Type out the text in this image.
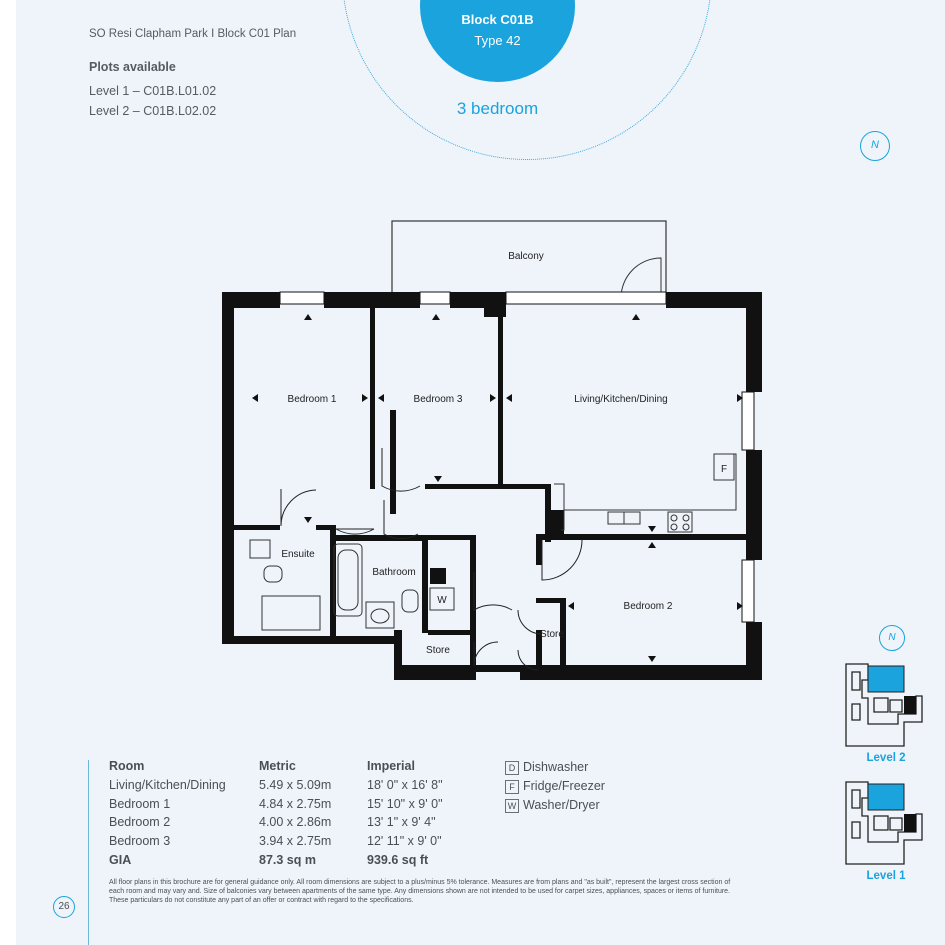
Block C01B
Type 42
3 bedroom
SO Resi Clapham Park I Block C01 Plan
Plots available
Level 1 – C01B.L01.02
Level 2 – C01B.L02.02
N
Balcony
F
W
Bedroom 1	Bedroom 3	Living/Kitchen/Dining
Bedroom 2
Ensuite
Bathroom
Store
Store	N
Level 2
Level 1
Room	Metric	Imperial
Living/Kitchen/Dining	5.49 x 5.09m	18' 0" x 16' 8"
Bedroom 1	4.84 x 2.75m	15' 10" x 9' 0"
Bedroom 2	4.00 x 2.86m	13' 1" x 9' 4"
Bedroom 3	3.94 x 2.75m	12' 11" x 9' 0"
GIA	87.3 sq m	939.6 sq ft
D Dishwasher
F Fridge/Freezer
W Washer/Dryer
All floor plans in this brochure are for general guidance only. All room dimensions are subject to a plus/minus 5% tolerance. Measures are from plans and "as built", represent the largest cross section of each room and may vary and. Size of balconies vary between apartments of the same type. Any dimensions shown are not intended to be used for carpet sizes, appliances, spaces or items of furniture. These particulars do not constitute any part of an offer or contract with regard to the specifications.
26
